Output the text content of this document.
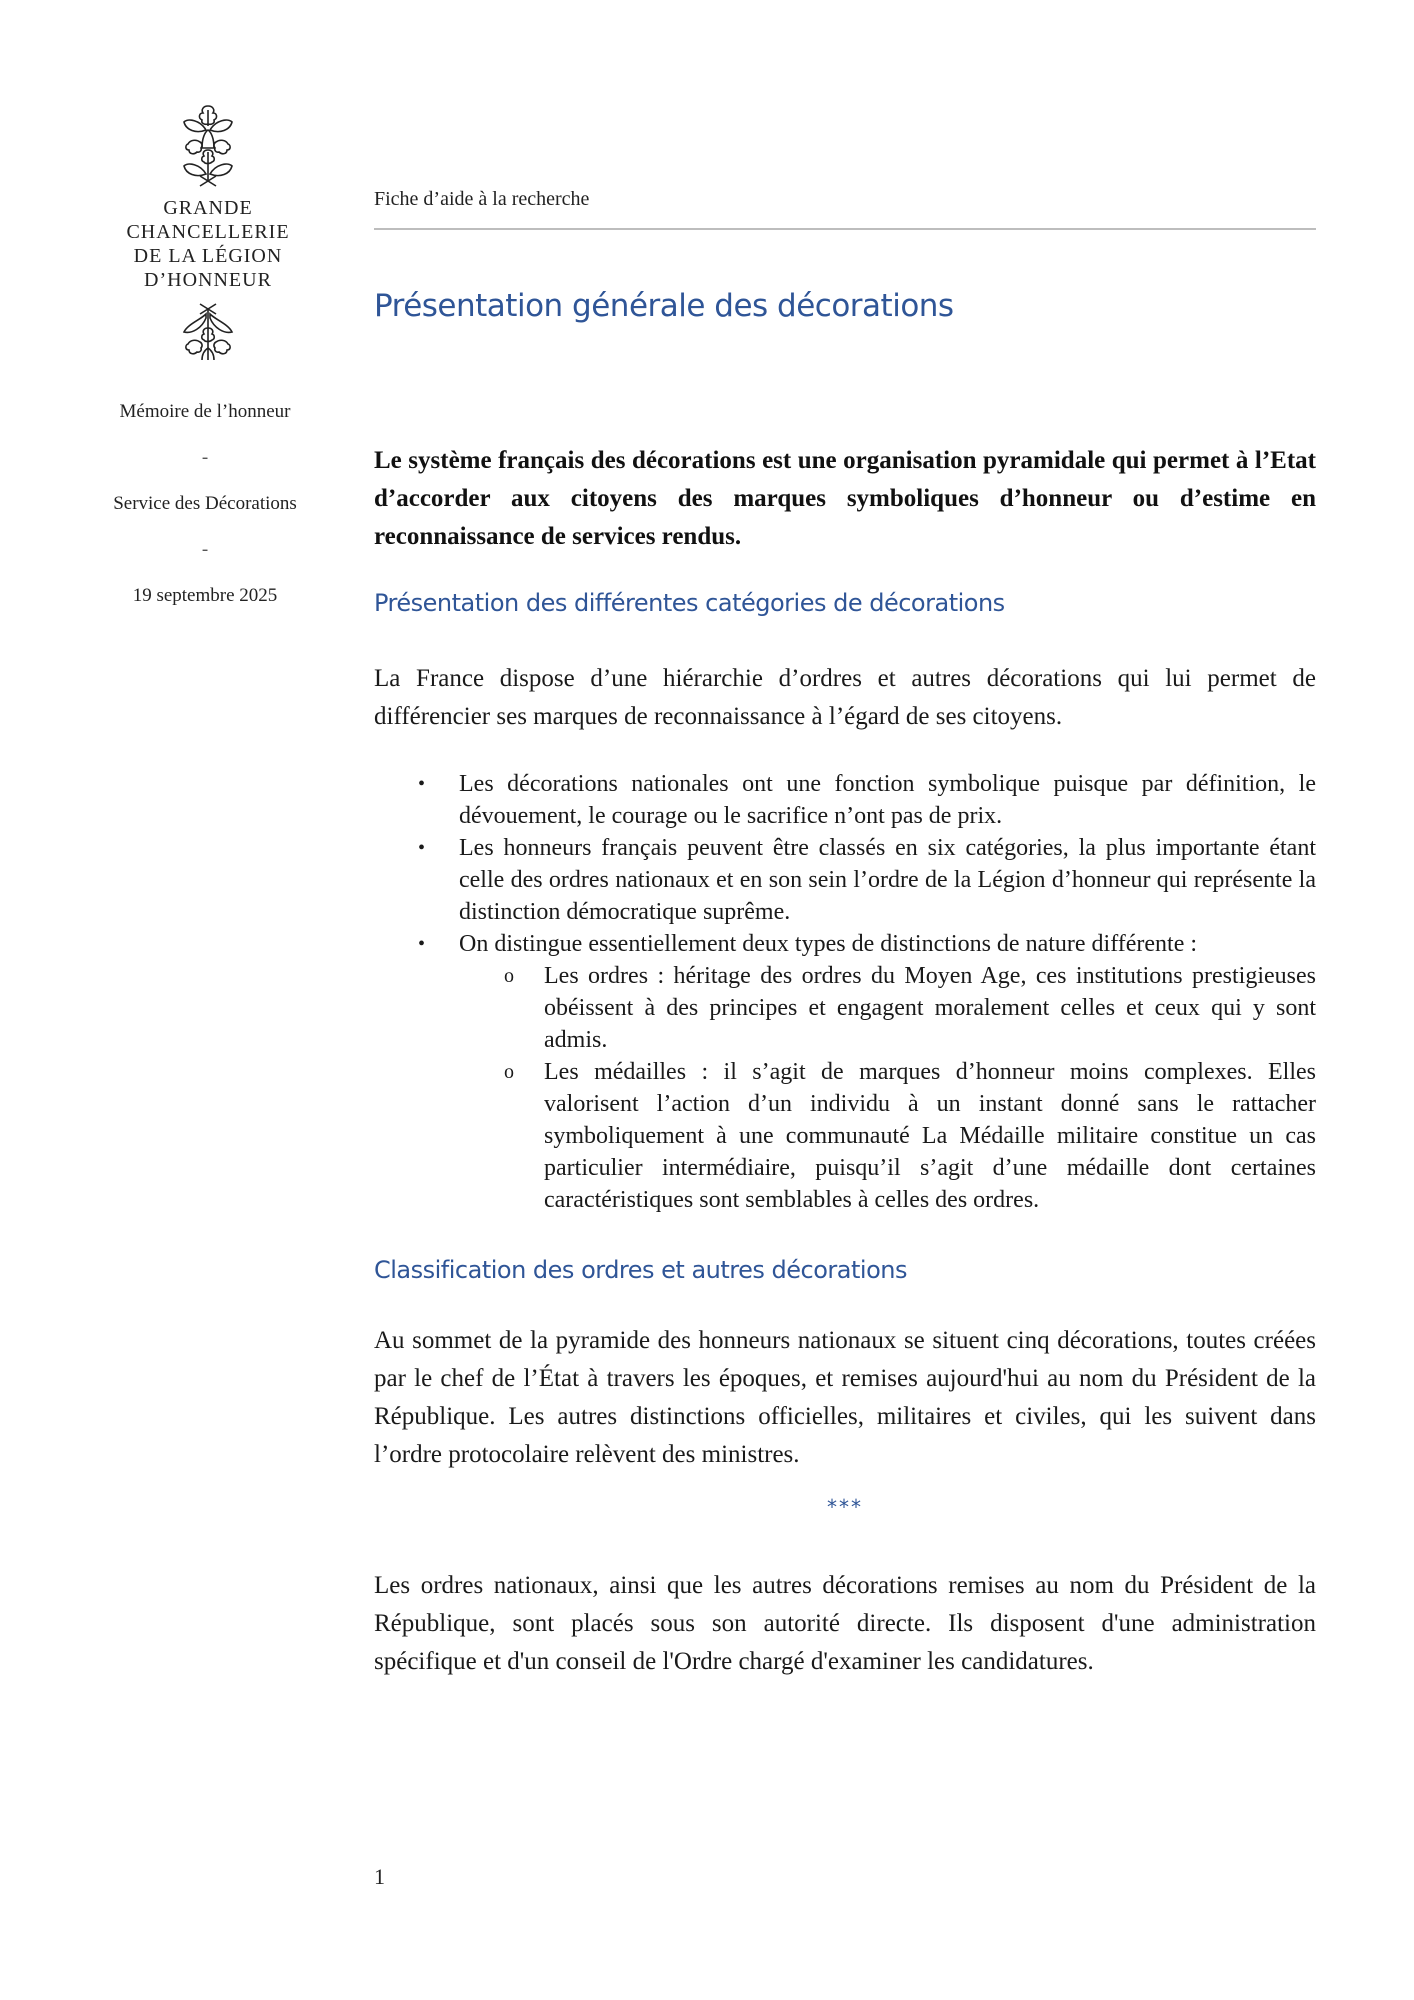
GRANDE
CHANCELLERIE
DE LA LÉGION
D’HONNEUR
Mémoire de l’honneur
-
Service des Décorations
-
19 septembre 2025
Fiche d’aide à la recherche
Présentation générale des décorations

Le système français des décorations est une organisation pyramidale qui permet à l’Etat d’accorder aux citoyens des marques symboliques d’honneur ou d’estime en reconnaissance de services rendus.

Présentation des différentes catégories de décorations

La France dispose d’une hiérarchie d’ordres et autres décorations qui lui permet de différencier ses marques de reconnaissance à l’égard de ses citoyens.

• Les décorations nationales ont une fonction symbolique puisque par définition, le dévouement, le courage ou le sacrifice n’ont pas de prix.
• Les honneurs français peuvent être classés en six catégories, la plus importante étant celle des ordres nationaux et en son sein l’ordre de la Légion d’honneur qui représente la distinction démocratique suprême.
• On distingue essentiellement deux types de distinctions de nature différente :
o Les ordres : héritage des ordres du Moyen Age, ces institutions prestigieuses obéissent à des principes et engagent moralement celles et ceux qui y sont admis.
o Les médailles : il s’agit de marques d’honneur moins complexes. Elles valorisent l’action d’un individu à un instant donné sans le rattacher symboliquement à une communauté La Médaille militaire constitue un cas particulier intermédiaire, puisqu’il s’agit d’une médaille dont certaines caractéristiques sont semblables à celles des ordres.
Classification des ordres et autres décorations

Au sommet de la pyramide des honneurs nationaux se situent cinq décorations, toutes créées par le chef de l’État à travers les époques, et remises aujourd'hui au nom du Président de la République. Les autres distinctions officielles, militaires et civiles, qui les suivent dans l’ordre protocolaire relèvent des ministres.

***

Les ordres nationaux, ainsi que les autres décorations remises au nom du Président de la République, sont placés sous son autorité directe. Ils disposent d'une administration spécifique et d'un conseil de l'Ordre chargé d'examiner les candidatures.

1
